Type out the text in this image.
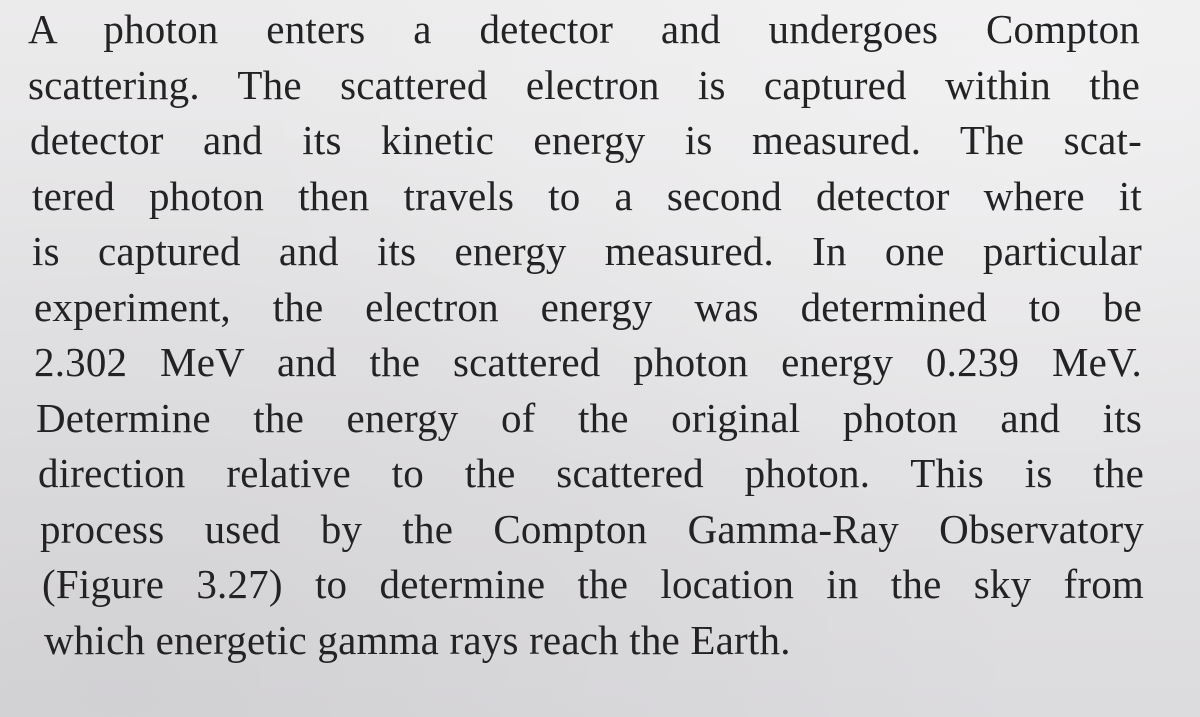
A photon enters a detector and undergoes Compton
scattering. The scattered electron is captured within the
detector and its kinetic energy is measured. The scat-
tered photon then travels to a second detector where it
is captured and its energy measured. In one particular
experiment, the electron energy was determined to be
2.302 MeV and the scattered photon energy 0.239 MeV.
Determine the energy of the original photon and its
direction relative to the scattered photon. This is the
process used by the Compton Gamma-Ray Observatory
(Figure 3.27) to determine the location in the sky from
which energetic gamma rays reach the Earth.
